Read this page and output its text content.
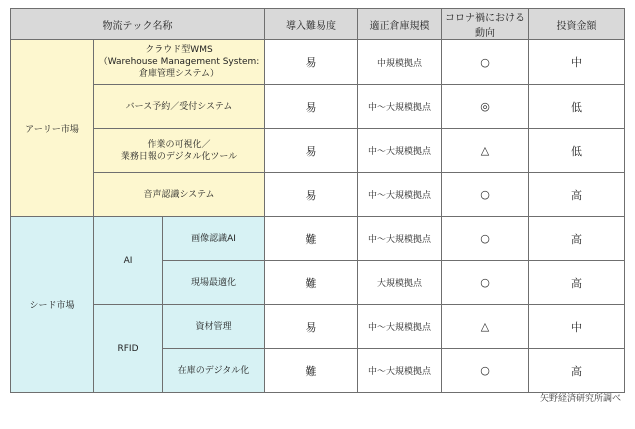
物流テック名称			導入難易度	適正倉庫規模	コロナ禍における動向	投資金額
アーリー市場	クラウド型WMS
（Warehouse Management System:
倉庫管理システム）		易	中規模拠点	○	中

	バース予約／受付システム		易	中～大規模拠点	◎	低

	作業の可視化／
業務日報のデジタル化ツール		易	中～大規模拠点	△	低

	音声認識システム		易	中～大規模拠点	○	高
シード市場	AI	画像認識AI	難	中～大規模拠点	○	高

		現場最適化	難	大規模拠点	○	高
	RFID	資材管理	易	中～大規模拠点	△	中

		在庫のデジタル化	難	中～大規模拠点	○	高
矢野経済研究所調べ
